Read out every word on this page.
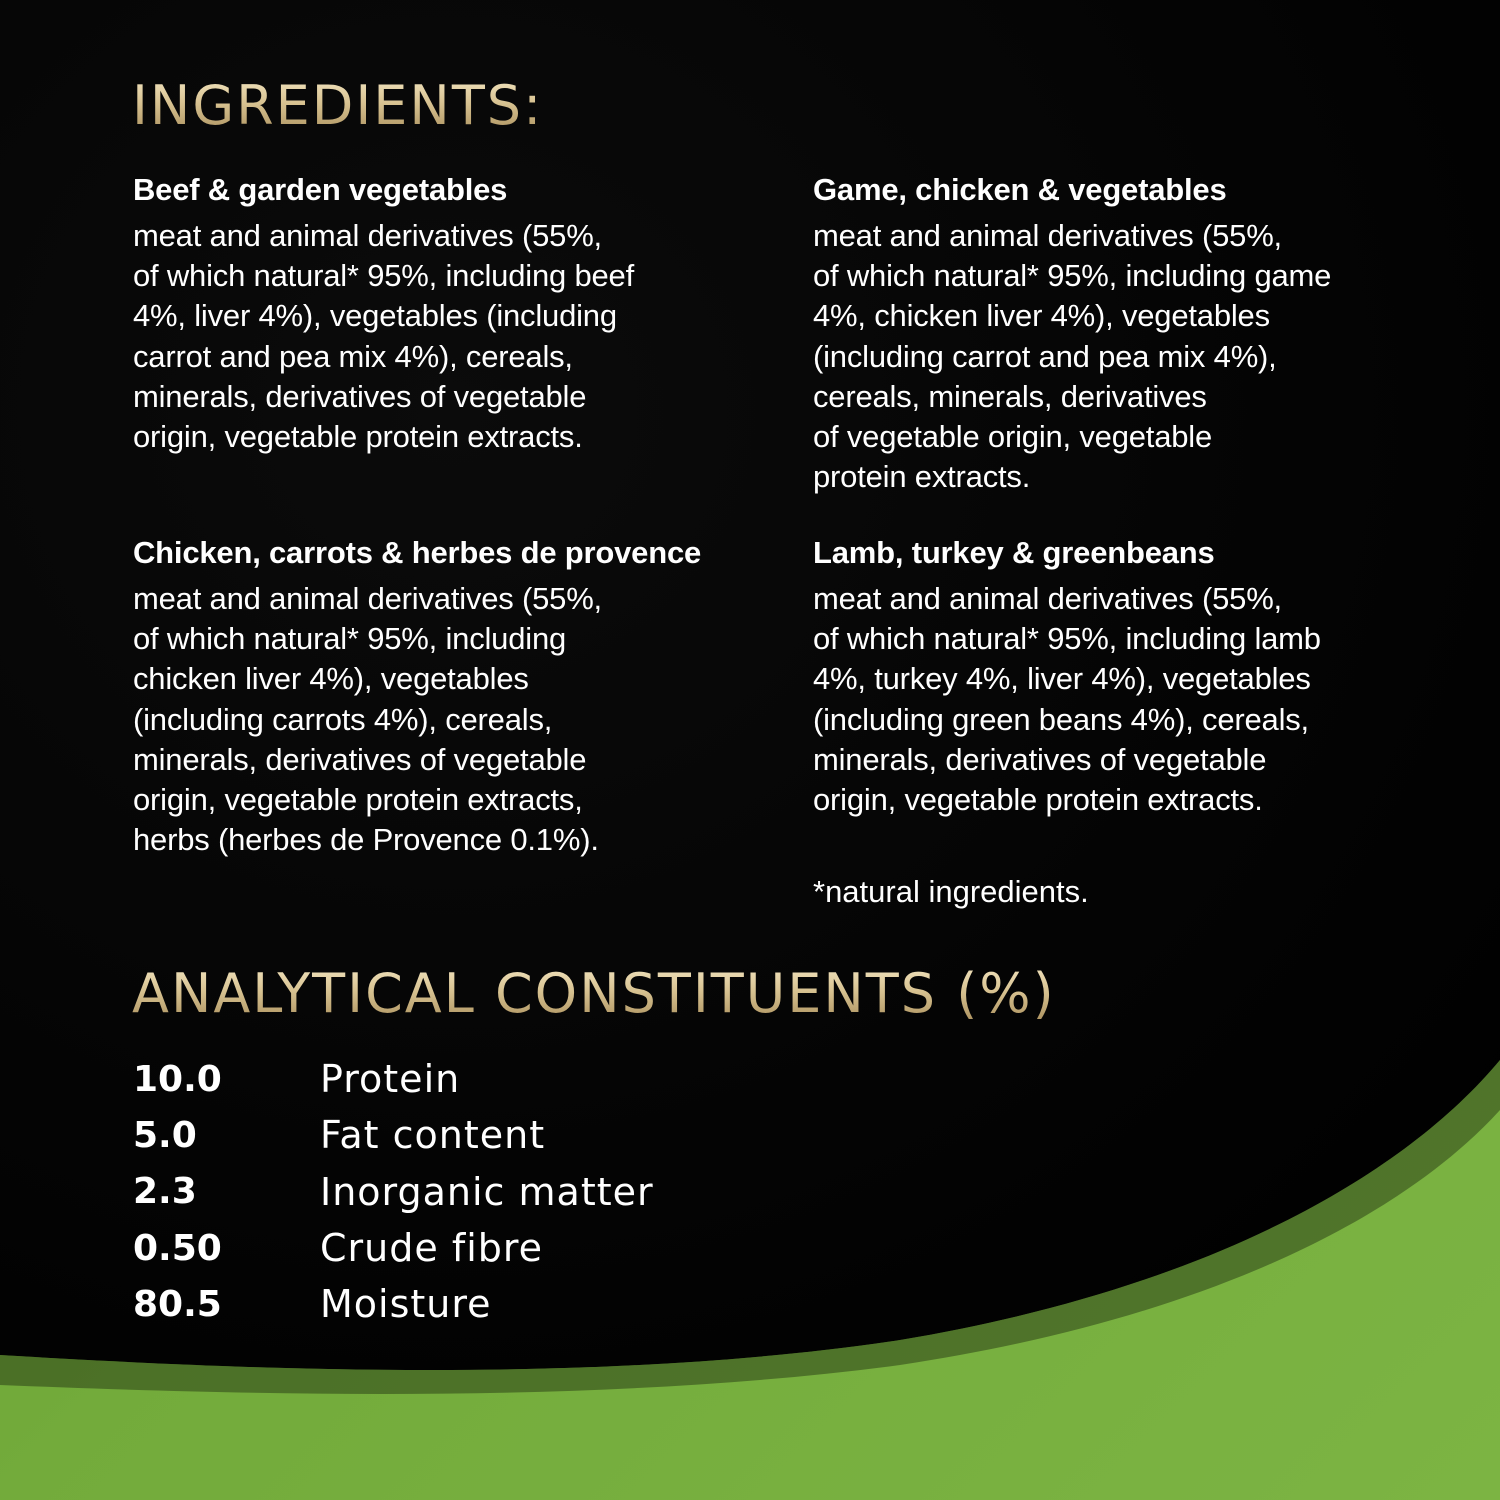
INGREDIENTS:

Beef & garden vegetables

meat and animal derivatives (55%,
of which natural* 95%, including beef
4%, liver 4%), vegetables (including
carrot and pea mix 4%), cereals,
minerals, derivatives of vegetable
origin, vegetable protein extracts.

Game, chicken & vegetables

meat and animal derivatives (55%,
of which natural* 95%, including game
4%, chicken liver 4%), vegetables
(including carrot and pea mix 4%),
cereals, minerals, derivatives
of vegetable origin, vegetable
protein extracts.

Chicken, carrots & herbes de provence

meat and animal derivatives (55%,
of which natural* 95%, including
chicken liver 4%), vegetables
(including carrots 4%), cereals,
minerals, derivatives of vegetable
origin, vegetable protein extracts,
herbs (herbes de Provence 0.1%).

Lamb, turkey & greenbeans

meat and animal derivatives (55%,
of which natural* 95%, including lamb
4%, turkey 4%, liver 4%), vegetables
(including green beans 4%), cereals,
minerals, derivatives of vegetable
origin, vegetable protein extracts.

*natural ingredients.

ANALYTICAL CONSTITUENTS (%)
10.0	Protein
5.0	Fat content
2.3	Inorganic matter
0.50	Crude fibre
80.5	Moisture
